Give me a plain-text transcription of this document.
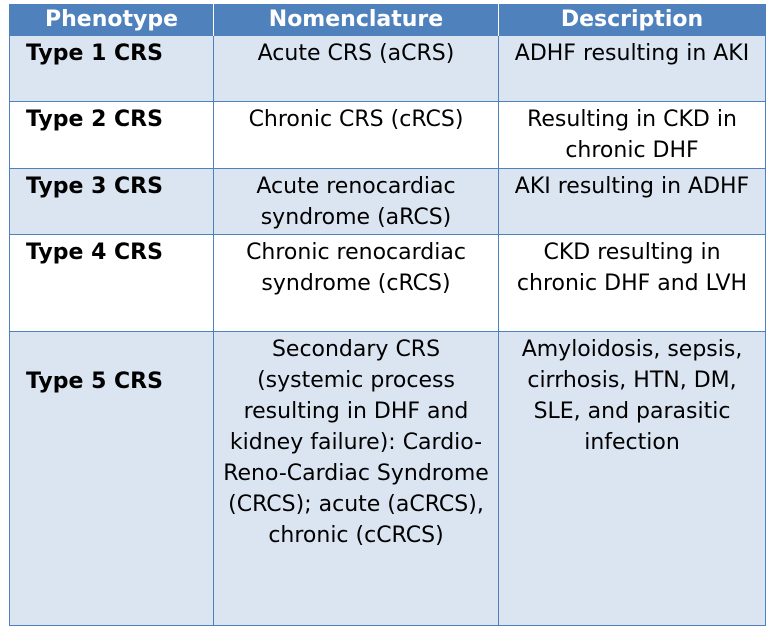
Phenotype	Nomenclature	Description
Type 1 CRS	Acute CRS (aCRS)	ADHF resulting in AKI
Type 2 CRS	Chronic CRS (cRCS)	Resulting in CKD in chronic DHF
Type 3 CRS	Acute renocardiac syndrome (aRCS)	AKI resulting in ADHF
Type 4 CRS	Chronic renocardiac syndrome (cRCS)	CKD resulting in chronic DHF and LVH
Type 5 CRS	Secondary CRS (systemic process resulting in DHF and kidney failure): Cardio-Reno-Cardiac Syndrome (CRCS); acute (aCRCS), chronic (cCRCS)	Amyloidosis, sepsis, cirrhosis, HTN, DM, SLE, and parasitic infection
